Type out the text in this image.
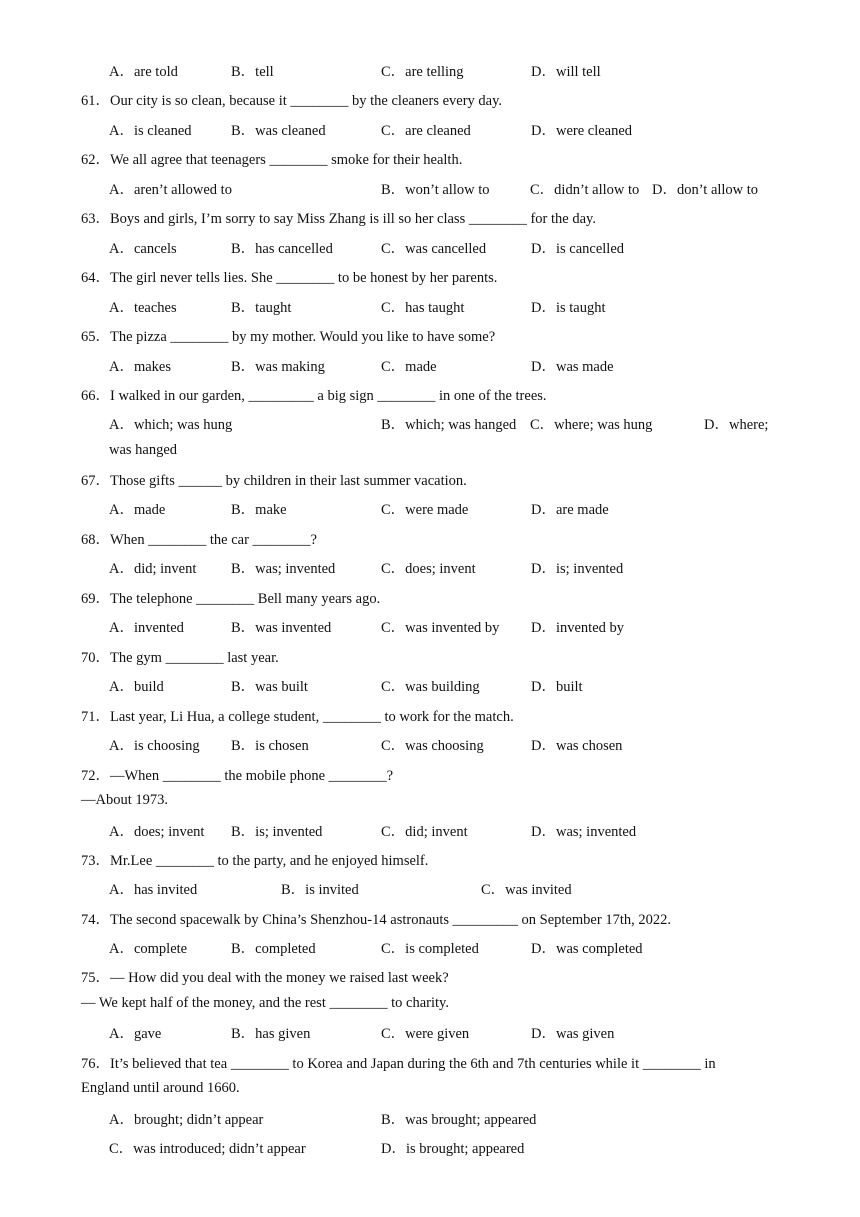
A．are told	B．tell	C．are telling	D．will tell
61．Our city is so clean, because it ________ by the cleaners every day.
A．is cleaned	B．was cleaned	C．are cleaned	D．were cleaned
62．We all agree that teenagers ________ smoke for their health.
A．aren’t allowed to	B．won’t allow to	C．didn’t allow to D．don’t allow to
63．Boys and girls, I’m sorry to say Miss Zhang is ill so her class ________ for the day.
A．cancels	B．has cancelled	C．was cancelled	D．is cancelled
64．The girl never tells lies. She ________ to be honest by her parents.
A．teaches	B．taught	C．has taught	D．is taught
65．The pizza ________ by my mother. Would you like to have some?
A．makes	B．was making	C．made	D．was made
66．I walked in our garden, _________ a big sign ________ in one of the trees.
A．which; was hung	B．which; was hanged C．where; was hung	D．where;
was hanged
67．Those gifts ______ by children in their last summer vacation.
A．made	B．make	C．were made	D．are made
68．When ________ the car ________?
A．did; invent B．was; invented	C．does; invent	D．is; invented
69．The telephone ________ Bell many years ago.
A．invented	B．was invented	C．was invented by D．invented by
70．The gym ________ last year.
A．build	B．was built	C．was building	D．built
71．Last year, Li Hua, a college student, ________ to work for the match.
A．is choosing B．is chosen	C．was choosing	D．was chosen
72．—When ________ the mobile phone ________?
—About 1973.
A．does; invent B．is; invented	C．did; invent	D．was; invented
73．Mr.Lee ________ to the party, and he enjoyed himself.
A．has invited	B．is invited	C．was invited
74．The second spacewalk by China’s Shenzhou-14 astronauts _________ on September 17th, 2022.
A．complete	B．completed	C．is completed	D．was completed
75．— How did you deal with the money we raised last week?
— We kept half of the money, and the rest ________ to charity.
A．gave	B．has given	C．were given	D．was given
76．It’s believed that tea ________ to Korea and Japan during the 6th and 7th centuries while it ________ in
England until around 1660.
A．brought; didn’t appear	B．was brought; appeared
C．was introduced; didn’t appear	D．is brought; appeared
